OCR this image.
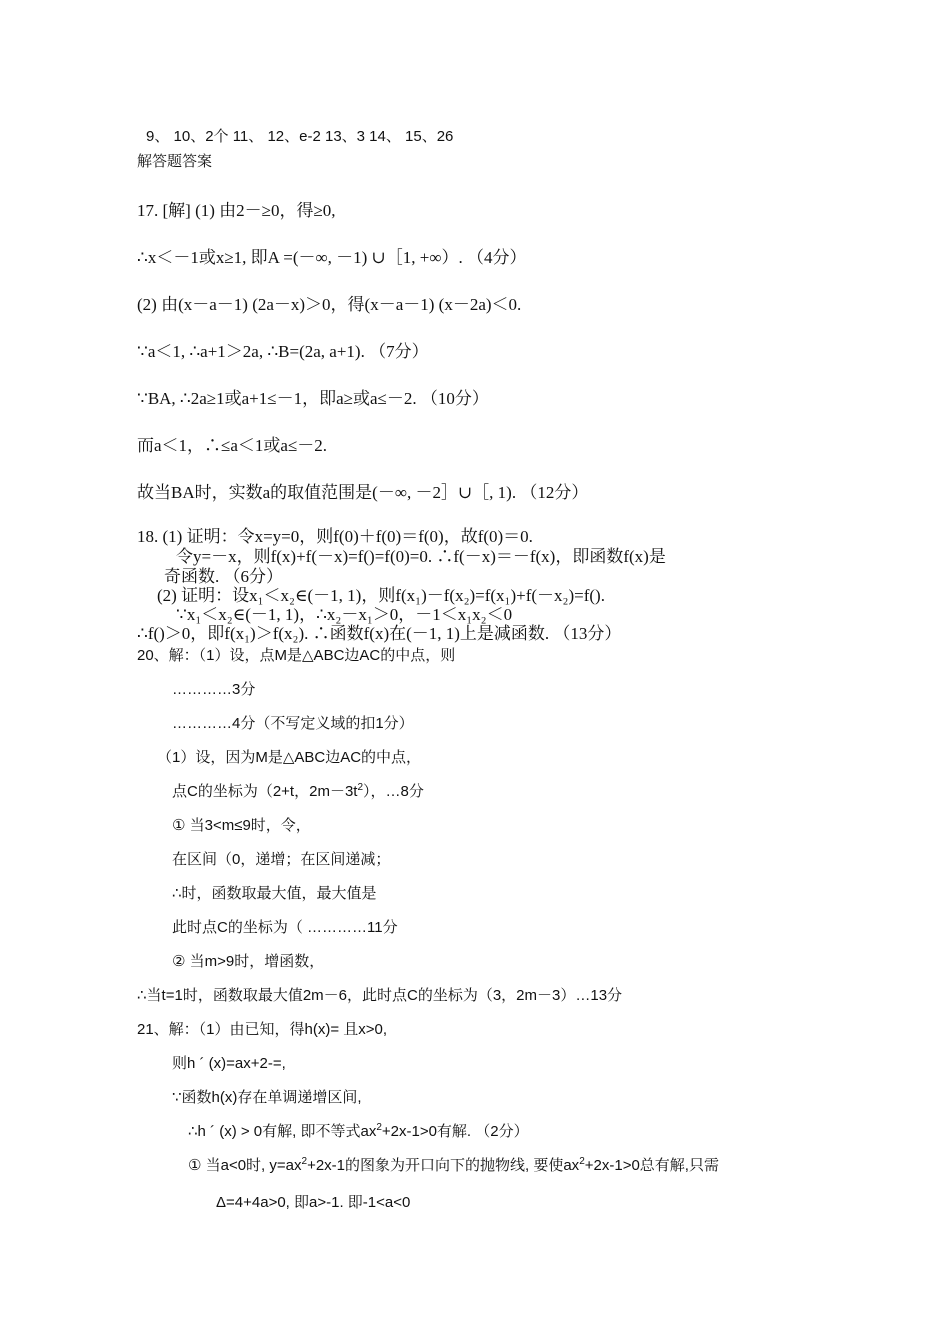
9、 10、2个 11、 12、e-2 13、3 14、 15、26
解答题答案
17. [解] (1) 由2－≥0，得≥0,
∴x＜－1或x≥1, 即A =(－∞, －1) ∪［1, +∞）. （4分）
(2) 由(x－a－1) (2a－x)＞0，得(x－a－1) (x－2a)＜0.
∵a＜1, ∴a+1＞2a, ∴B=(2a, a+1). （7分）
∵BA, ∴2a≥1或a+1≤－1，即a≥或a≤－2. （10分）
而a＜1，∴≤a＜1或a≤－2.
故当BA时，实数a的取值范围是(－∞, －2］∪［, 1). （12分）
18. (1) 证明：令x=y=0，则f(0)＋f(0)＝f(0)，故f(0)＝0.
令y=－x，则f(x)+f(－x)=f()=f(0)=0. ∴f(－x)＝－f(x)，即函数f(x)是
奇函数. （6分）
(2) 证明：设x₁＜x₂∈(－1, 1)，则f(x₁)－f(x₂)=f(x₁)+f(－x₂)=f().
∵x₁＜x₂∈(－1, 1)，∴x₂－x₁＞0，－1＜x₁x₂＜0
∴f()＞0，即f(x₁)＞f(x₂). ∴函数f(x)在(－1, 1)上是减函数. （13分）
20、解：（1）设，点M是△ABC边AC的中点，则
…………3分
…………4分（不写定义域的扣1分）
（1）设，因为M是△ABC边AC的中点，
点C的坐标为（2+t，$2m-3t^2$），…8分
① 当3<m≤9时，令，
在区间（0，递增；在区间递减；
∴时，函数取最大值，最大值是
此时点C的坐标为（ …………11分
② 当m>9时，增函数，
∴当t=1时，函数取最大值2m－6，此时点C的坐标为（3，2m－3）…13分
21、解：（1）由已知，得h(x)= 且x>0,
则h ´ (x)=ax+2-=,
∵函数h(x)存在单调递增区间,
∴h ´ (x) > 0有解, 即不等式$ax^2+2x-1>0$有解. （2分）
① 当a<0时, $y=ax^2+2x-1$的图象为开口向下的抛物线, 要使$ax^2+2x-1>0$总有解,只需
Δ=4+4a>0, 即a>-1. 即-1<a<0
